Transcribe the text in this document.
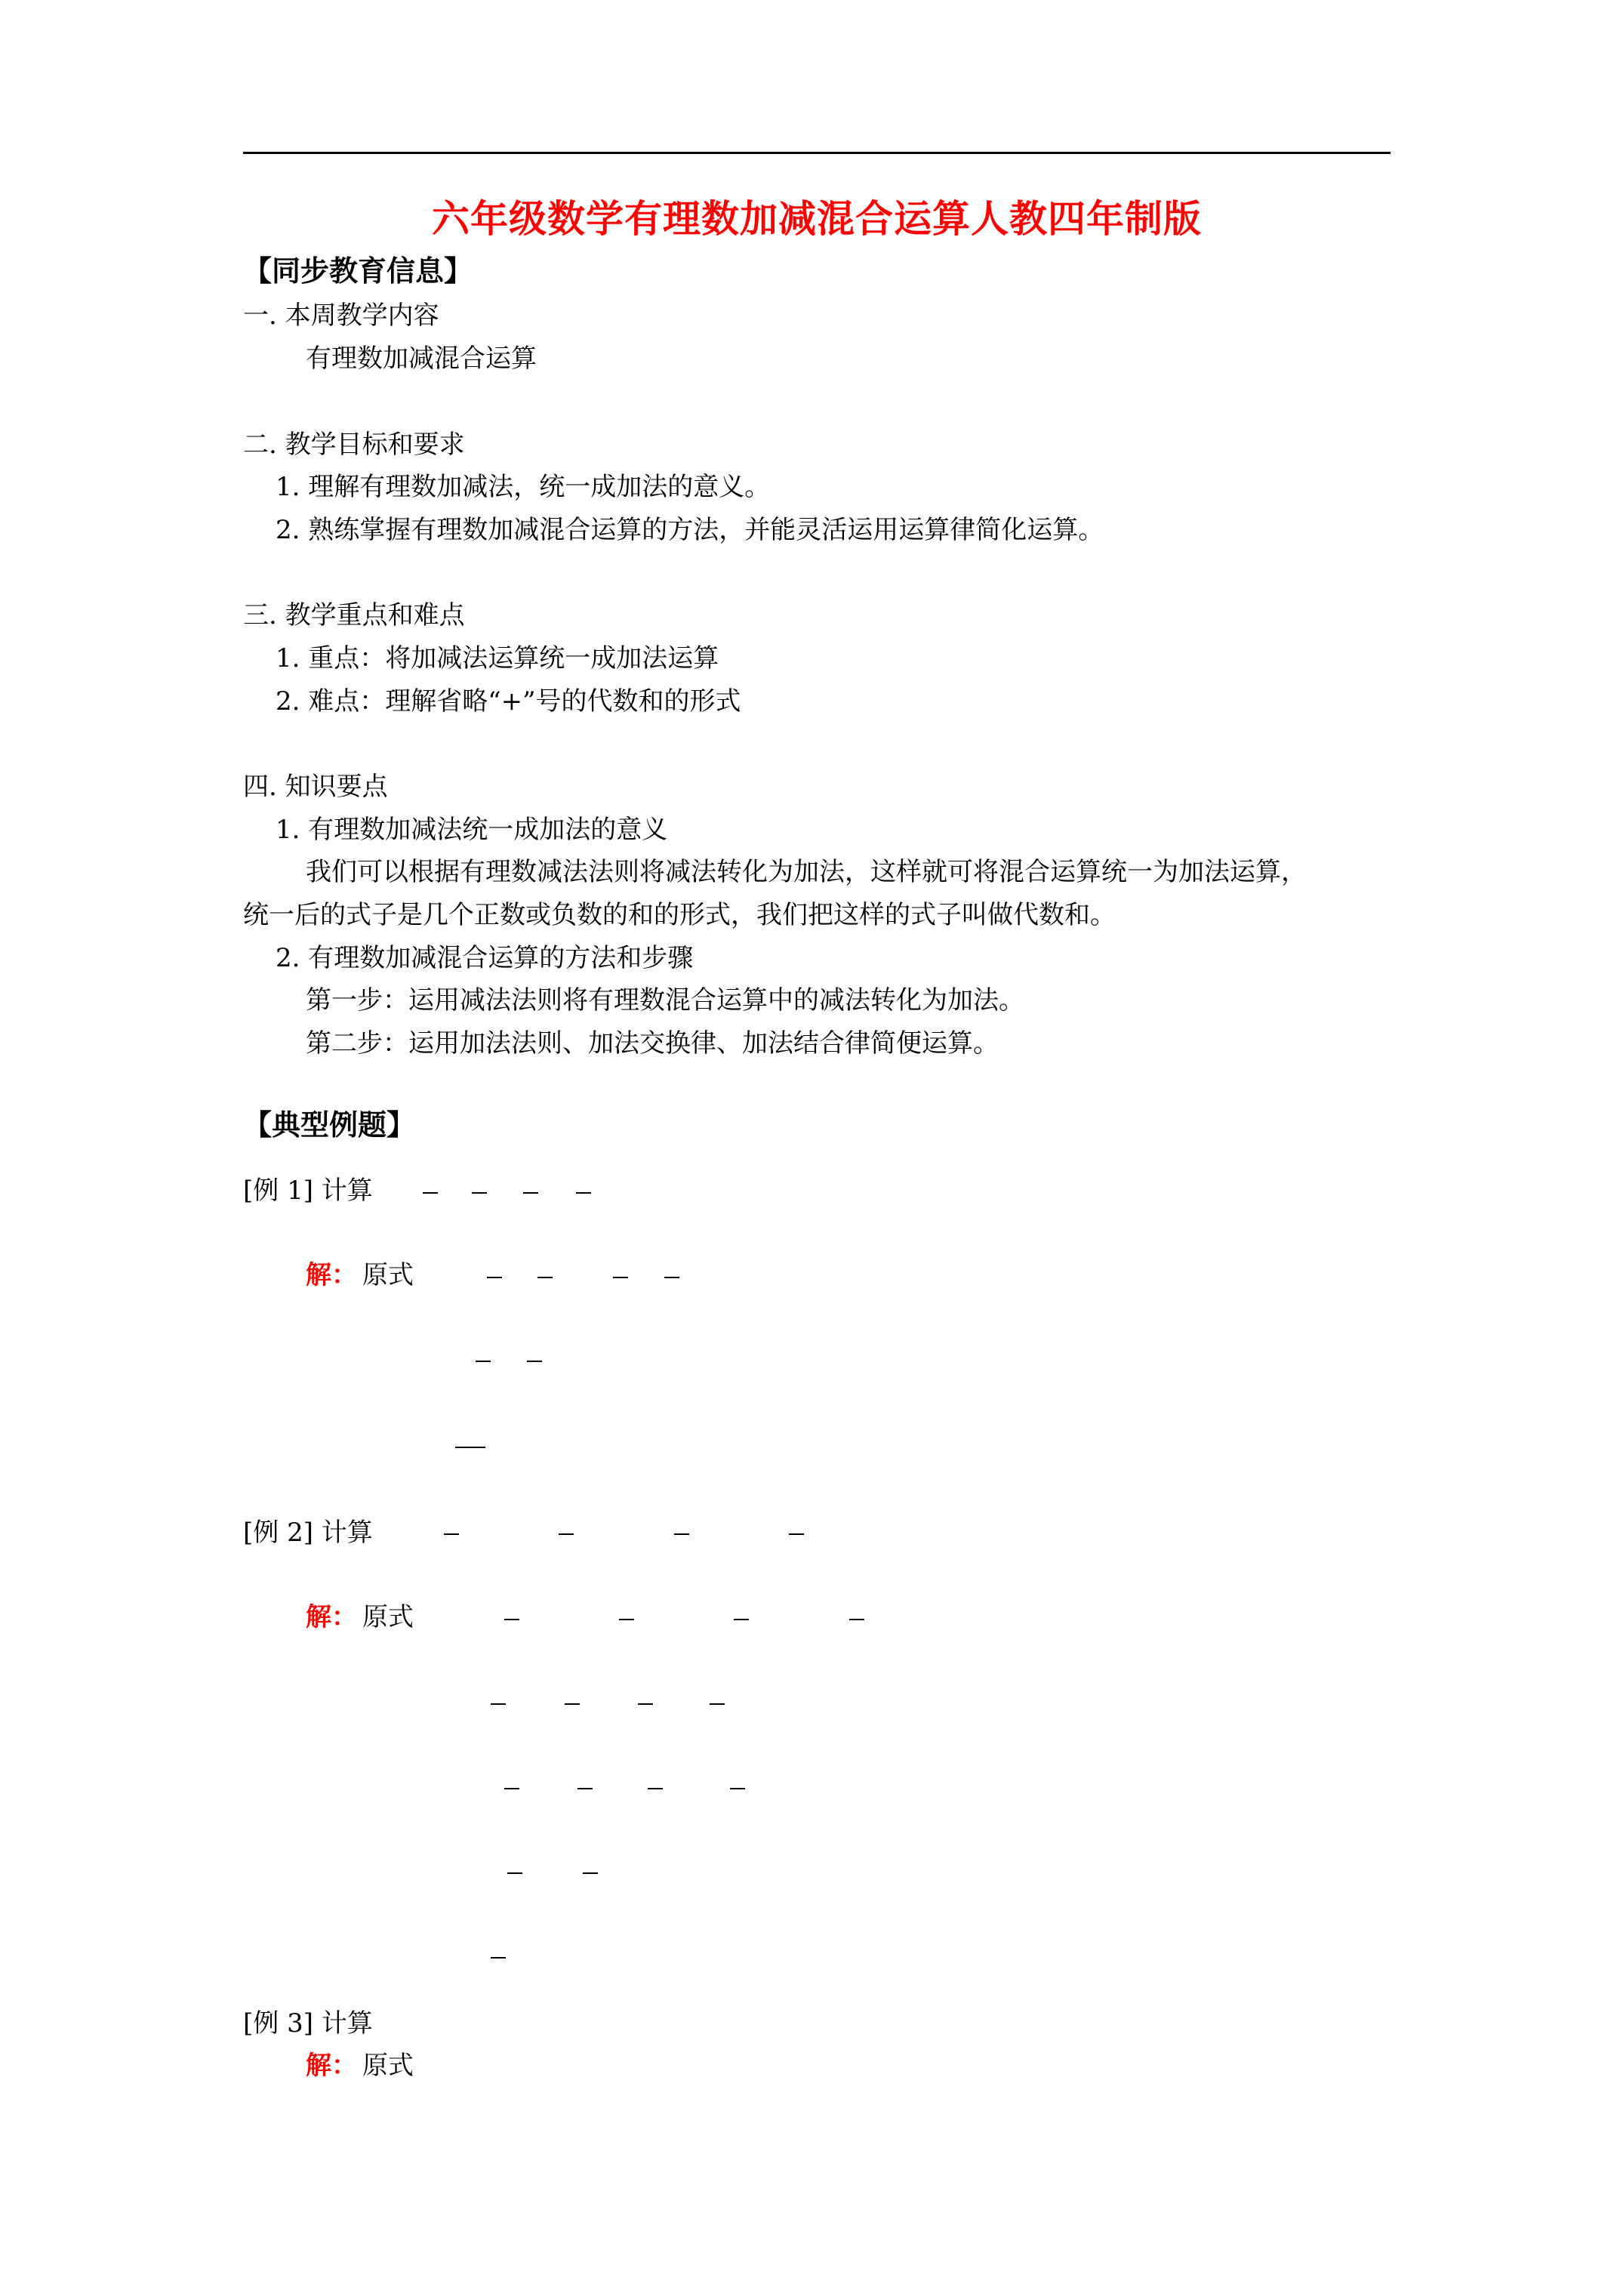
六年级数学有理数加减混合运算人教四年制版
【同步教育信息】
一. 本周教学内容
有理数加减混合运算
二. 教学目标和要求
1. 理解有理数加减法，统一成加法的意义。
2. 熟练掌握有理数加减混合运算的方法，并能灵活运用运算律简化运算。
三. 教学重点和难点
1. 重点：将加减法运算统一成加法运算
2. 难点：理解省略“+”号的代数和的形式
四. 知识要点
1. 有理数加减法统一成加法的意义
我们可以根据有理数减法法则将减法转化为加法，这样就可将混合运算统一为加法运算，
统一后的式子是几个正数或负数的和的形式，我们把这样的式子叫做代数和。
2. 有理数加减混合运算的方法和步骤
第一步：运用减法法则将有理数混合运算中的减法转化为加法。
第二步：运用加法法则、加法交换律、加法结合律简便运算。
【典型例题】
[例 1] 计算
解： 原式
[例 2] 计算
解： 原式
[例 3] 计算
解： 原式
